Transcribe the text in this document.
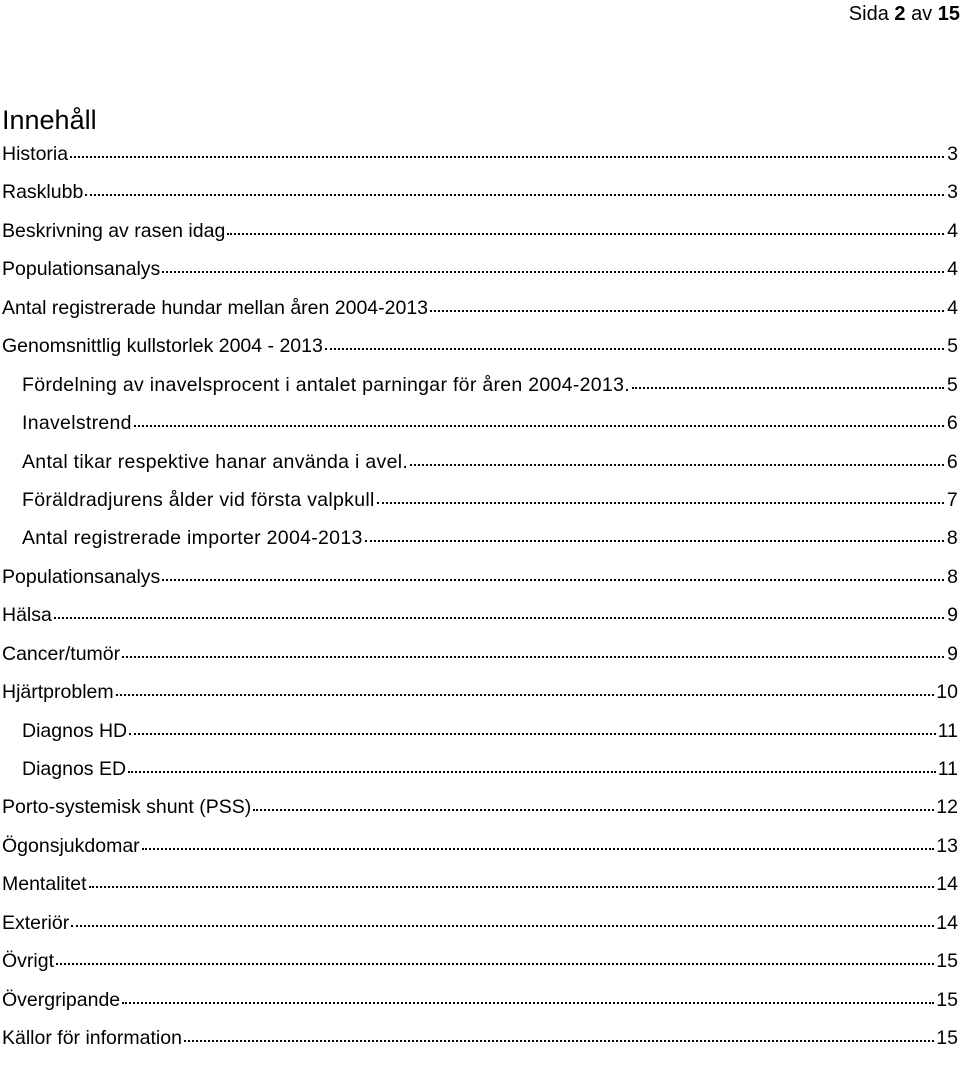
Sida 2 av 15
Innehåll
Historia	3
Rasklubb	3
Beskrivning av rasen idag	4
Populationsanalys	4
Antal registrerade hundar mellan åren 2004-2013	4
Genomsnittlig kullstorlek 2004 - 2013	5
Fördelning av inavelsprocent i antalet parningar för åren 2004-2013.	5
Inavelstrend	6
Antal tikar respektive hanar använda i avel.	6
Föräldradjurens ålder vid första valpkull	7
Antal registrerade importer 2004-2013	8
Populationsanalys	8
Hälsa	9
Cancer/tumör	9
Hjärtproblem	10
Diagnos HD	11
Diagnos ED	11
Porto-systemisk shunt (PSS)	12
Ögonsjukdomar	13
Mentalitet	14
Exteriör	14
Övrigt	15
Övergripande	15
Källor för information	15
